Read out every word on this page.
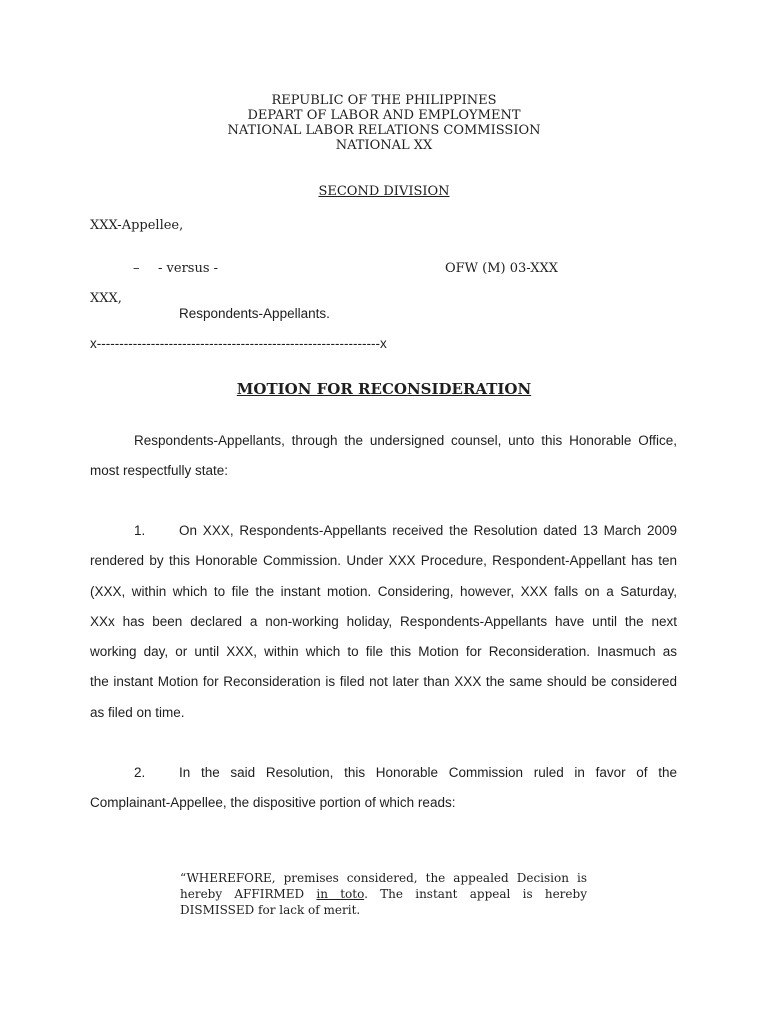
REPUBLIC OF THE PHILIPPINES
DEPART OF LABOR AND EMPLOYMENT
NATIONAL LABOR RELATIONS COMMISSION
NATIONAL XX
SECOND DIVISION
XXX-Appellee,
– - versus -	OFW (M) 03-XXX
XXX,
Respondents-Appellants.
x---------------------------------------------------------------x
MOTION FOR RECONSIDERATION
Respondents-Appellants, through the undersigned counsel, unto this Honorable Office,
most respectfully state:
1.	On XXX, Respondents-Appellants received the Resolution dated 13 March 2009
rendered by this Honorable Commission. Under XXX Procedure, Respondent-Appellant has ten
(XXX, within which to file the instant motion. Considering, however, XXX falls on a Saturday,
XXx has been declared a non-working holiday, Respondents-Appellants have until the next
working day, or until XXX, within which to file this Motion for Reconsideration. Inasmuch as
the instant Motion for Reconsideration is filed not later than XXX the same should be considered
as filed on time.
2.	In the said Resolution, this Honorable Commission ruled in favor of the
Complainant-Appellee, the dispositive portion of which reads:
“WHEREFORE, premises considered, the appealed Decision is
hereby AFFIRMED in toto. The instant appeal is hereby
DISMISSED for lack of merit.
